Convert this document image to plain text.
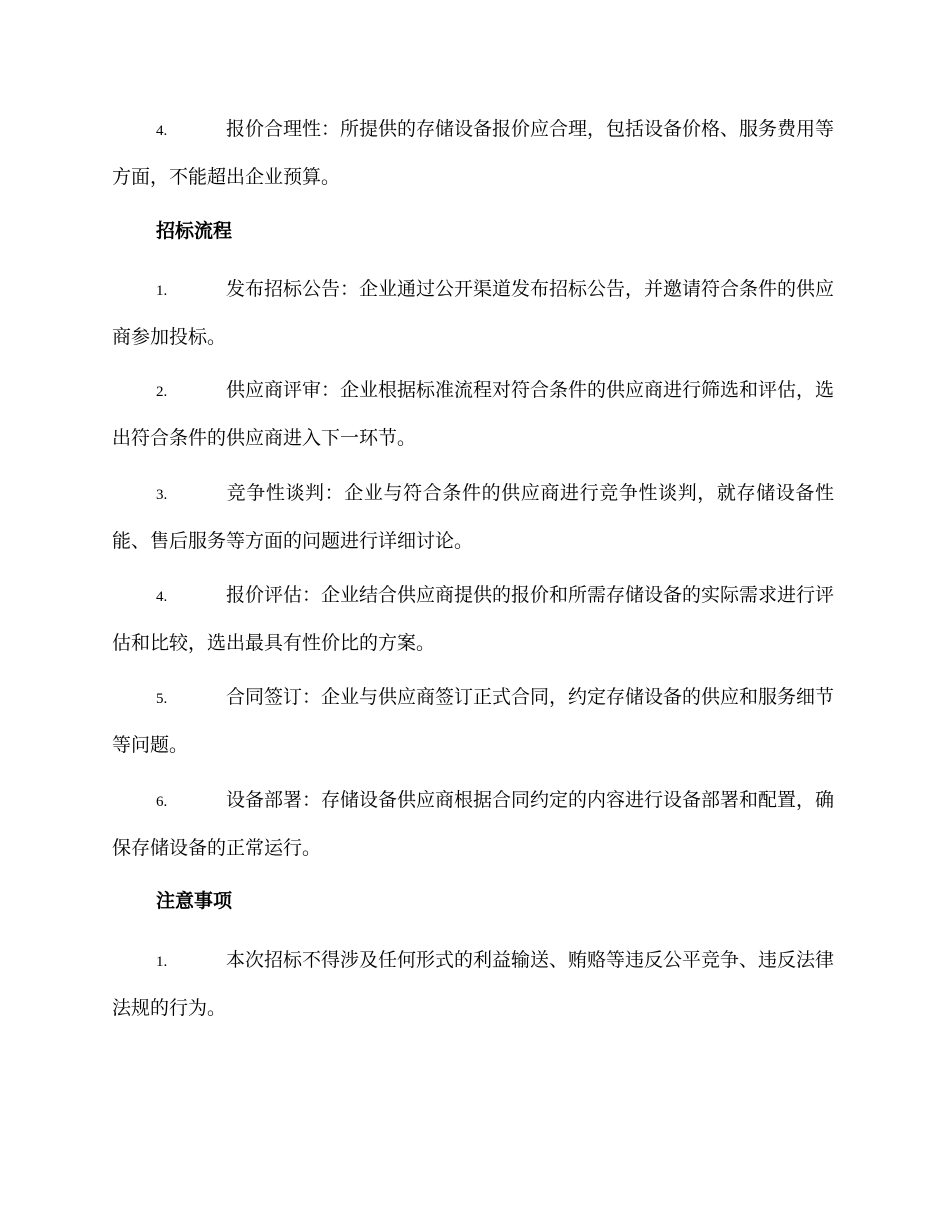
4.	报价合理性：所提供的存储设备报价应合理，包括设备价格、服务费用等方面，不能超出企业预算。
招标流程
1.	发布招标公告：企业通过公开渠道发布招标公告，并邀请符合条件的供应商参加投标。
2.	供应商评审：企业根据标准流程对符合条件的供应商进行筛选和评估，选出符合条件的供应商进入下一环节。
3.	竞争性谈判：企业与符合条件的供应商进行竞争性谈判，就存储设备性能、售后服务等方面的问题进行详细讨论。
4.	报价评估：企业结合供应商提供的报价和所需存储设备的实际需求进行评估和比较，选出最具有性价比的方案。
5.	合同签订：企业与供应商签订正式合同，约定存储设备的供应和服务细节等问题。
6.	设备部署：存储设备供应商根据合同约定的内容进行设备部署和配置，确保存储设备的正常运行。
注意事项
1.	本次招标不得涉及任何形式的利益输送、贿赂等违反公平竞争、违反法律法规的行为。
